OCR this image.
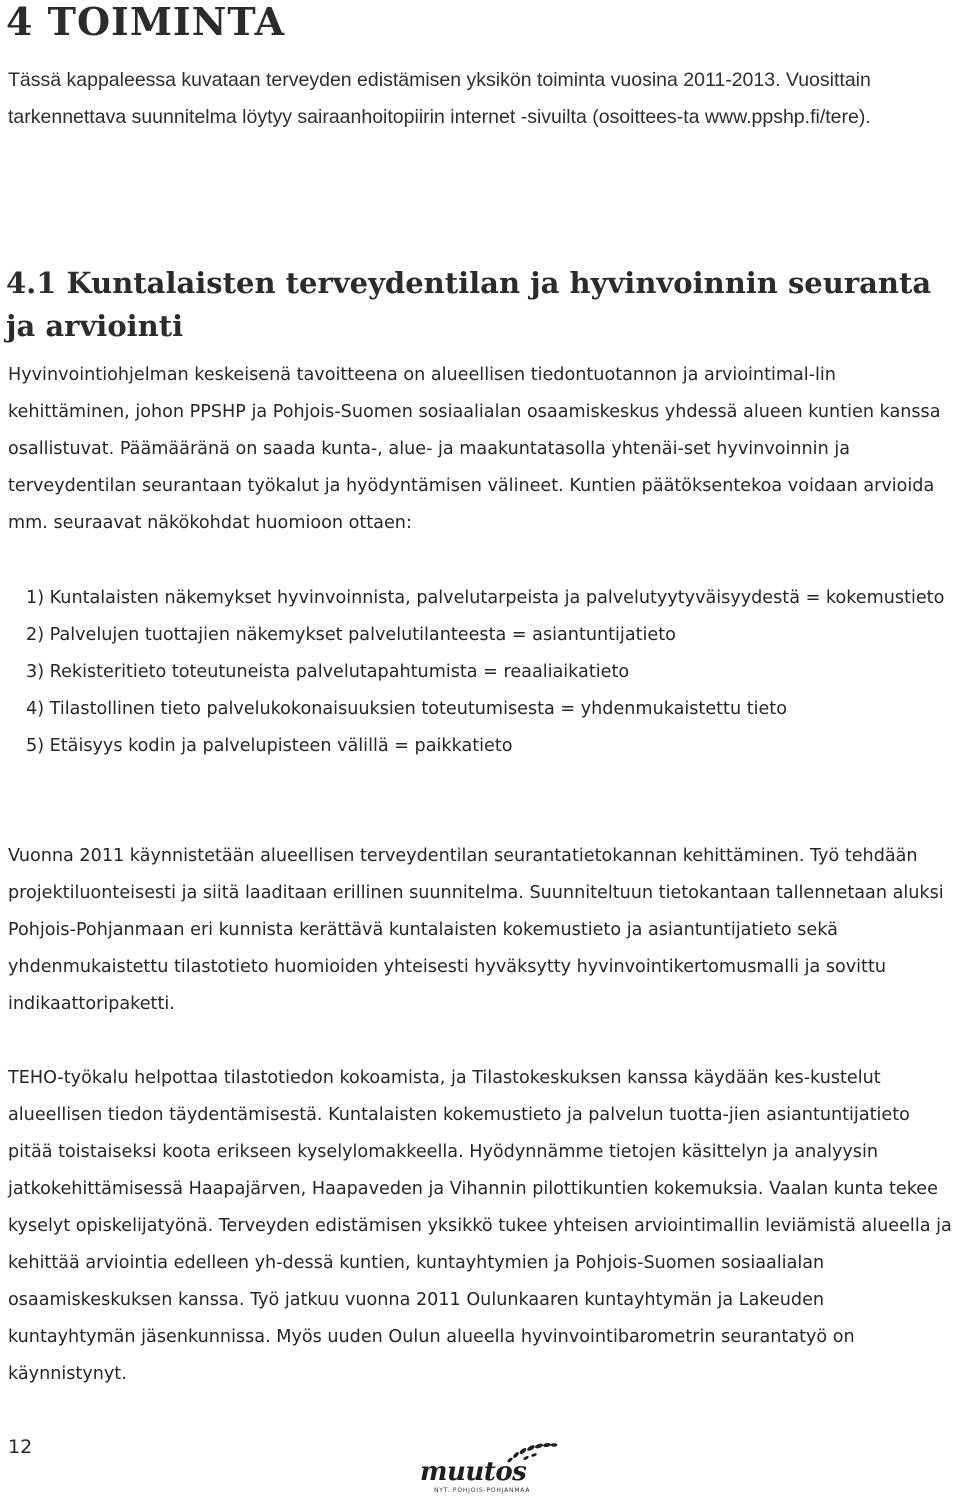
4 TOIMINTA

Tässä kappaleessa kuvataan terveyden edistämisen yksikön toiminta vuosina 2011-2013. Vuosittain tarkennettava suunnitelma löytyy sairaanhoitopiirin internet -sivuilta (osoittees-ta www.ppshp.fi/tere).

4.1 Kuntalaisten terveydentilan ja hyvinvoinnin seuranta ja arviointi

Hyvinvointiohjelman keskeisenä tavoitteena on alueellisen tiedontuotannon ja arviointimal-lin kehittäminen, johon PPSHP ja Pohjois-Suomen sosiaalialan osaamiskeskus yhdessä alueen kuntien kanssa osallistuvat. Päämääränä on saada kunta-, alue- ja maakuntatasolla yhtenäi-set hyvinvoinnin ja terveydentilan seurantaan työkalut ja hyödyntämisen välineet. Kuntien päätöksentekoa voidaan arvioida mm. seuraavat näkökohdat huomioon ottaen:

1) Kuntalaisten näkemykset hyvinvoinnista, palvelutarpeista ja palvelutyytyväisyydestä = kokemustieto
2) Palvelujen tuottajien näkemykset palvelutilanteesta = asiantuntijatieto
3) Rekisteritieto toteutuneista palvelutapahtumista = reaaliaikatieto
4) Tilastollinen tieto palvelukokonaisuuksien toteutumisesta = yhdenmukaistettu tieto
5) Etäisyys kodin ja palvelupisteen välillä = paikkatieto

Vuonna 2011 käynnistetään alueellisen terveydentilan seurantatietokannan kehittäminen. Työ tehdään projektiluonteisesti ja siitä laaditaan erillinen suunnitelma. Suunniteltuun tietokantaan tallennetaan aluksi Pohjois-Pohjanmaan eri kunnista kerättävä kuntalaisten kokemustieto ja asiantuntijatieto sekä yhdenmukaistettu tilastotieto huomioiden yhteisesti hyväksytty hyvinvointikertomusmalli ja sovittu indikaattoripaketti.

TEHO-työkalu helpottaa tilastotiedon kokoamista, ja Tilastokeskuksen kanssa käydään kes-kustelut alueellisen tiedon täydentämisestä. Kuntalaisten kokemustieto ja palvelun tuotta-jien asiantuntijatieto pitää toistaiseksi koota erikseen kyselylomakkeella. Hyödynnämme tietojen käsittelyn ja analyysin jatkokehittämisessä Haapajärven, Haapaveden ja Vihannin pilottikuntien kokemuksia. Vaalan kunta tekee kyselyt opiskelijatyönä. Terveyden edistämisen yksikkö tukee yhteisen arviointimallin leviämistä alueella ja kehittää arviointia edelleen yh-dessä kuntien, kuntayhtymien ja Pohjois-Suomen sosiaalialan osaamiskeskuksen kanssa. Työ jatkuu vuonna 2011 Oulunkaaren kuntayhtymän ja Lakeuden kuntayhtymän jäsenkunnissa. Myös uuden Oulun alueella hyvinvointibarometrin seurantatyö on käynnistynyt.

12
muutos
NYT. POHJOIS-POHJANMAA
